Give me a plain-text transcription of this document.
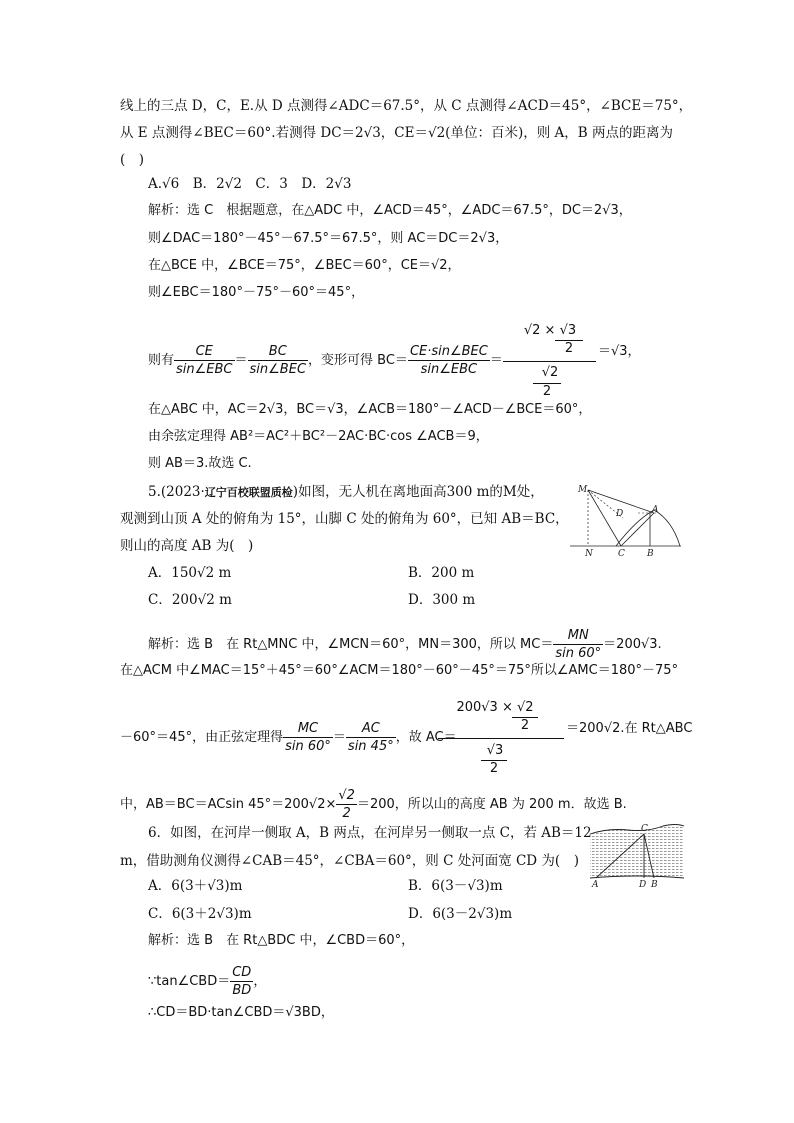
线上的三点 D，C，E.从 D 点测得∠ADC＝67.5°，从 C 点测得∠ACD＝45°，∠BCE＝75°，
从 E 点测得∠BEC＝60°.若测得 DC＝2√3，CE＝√2(单位：百米)，则 A，B 两点的距离为
(　)
A.√6　B．2√2　C．3　D．2√3
解析：选 C　根据题意，在△ADC 中，∠ACD＝45°，∠ADC＝67.5°，DC＝2√3，
则∠DAC＝180°－45°－67.5°＝67.5°，则 AC＝DC＝2√3，
在△BCE 中，∠BCE＝75°，∠BEC＝60°，CE＝√2，
则∠EBC＝180°－75°－60°＝45°，
则有 $\frac{CE}{\text{sin∠EBC}} = \frac{BC}{\text{sin∠BEC}}$ ，变形可得 $BC= \frac{\text{CE·sin∠BEC}}{\text{sin∠EBC}}$ ＝
√2 × √3
2
√2
2
＝√3，
在△ABC 中，AC＝2√3，BC＝√3，∠ACB＝180°－∠ACD－∠BCE＝60°，
由余弦定理得 AB²＝AC²＋BC²－2AC·BC·cos ∠ACB＝9，
则 AB＝3.故选 C.
5.(2023·辽宁百校联盟质检)如图，无人机在离地面高300 m的M处，
观测到山顶 A 处的俯角为 15°，山脚 C 处的俯角为 60°，已知 AB＝BC，
则山的高度 AB 为(　)
A．150√2 m	B．200 m
C．200√2 m	D．300 m
M
D	A
N	C B
解析：选 B　在 Rt△MNC 中，∠MCN＝60°，MN＝300，所以 $MC= \frac{MN}{\sin 60^\circ} =200√3$.
在△ACM 中∠MAC＝15°＋45°＝60°∠ACM＝180°－60°－45°＝75°所以∠AMC＝180°－75°
－60°＝45°，由正弦定理得 $\frac{MC}{\sin 60^\circ} = \frac{AC}{\sin 45^\circ}$ ，故 AC＝
200√3 × √2
2
√3
2
＝200√2.在 Rt△ABC
中，AB＝BC＝ACsin $45^\circ=200√2\times \frac{√2}{2} =200$，所以山的高度 AB 为 200 m．故选 B.
6．如图，在河岸一侧取 A，B 两点，在河岸另一侧取一点 C，若 AB＝12
m，借助测角仪测得∠CAB＝45°，∠CBA＝60°，则 C 处河面宽 CD 为(　)
A．6(3＋√3)m	B．6(3－√3)m
C．6(3＋2√3)m	D．6(3－2√3)m
C
A	D B
解析：选 B　在 Rt△BDC 中，∠CBD＝60°，
∵tan∠CBD＝ $\frac{CD}{BD}$ ，
∴CD＝BD·tan∠CBD＝√3BD，
